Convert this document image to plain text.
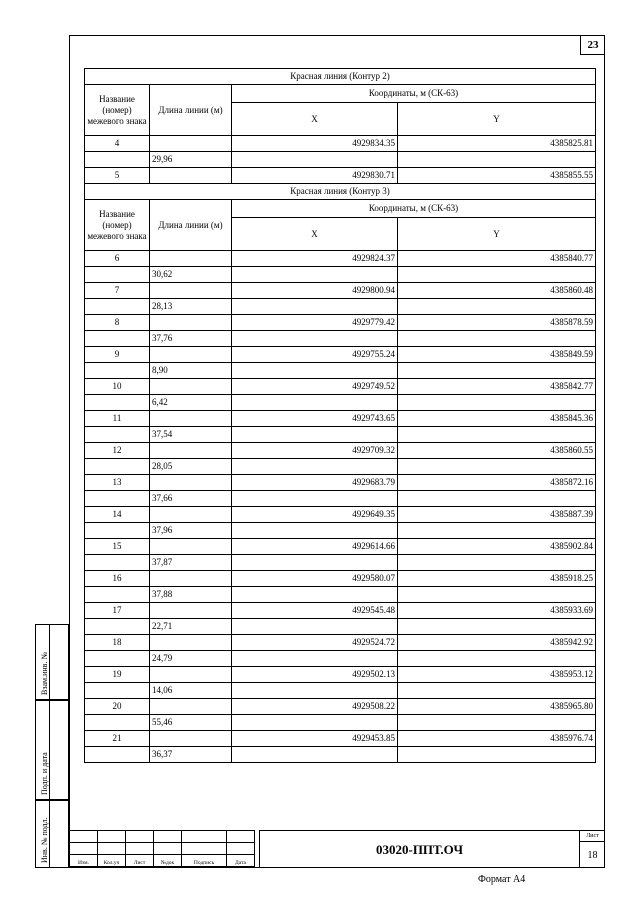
23
Взам.инв. №
Подп. и дата
Инв. № подл.
Красная линия (Контур 2)			
Название (номер) межевого знака	Длина линии (м)	Координаты, м (СК-63)	
		X	Y
4		4929834.35	4385825.81
	29,96		
5		4929830.71	4385855.55
Красная линия (Контур 3)			
Название (номер) межевого знака	Длина линии (м)	Координаты, м (СК-63)	
		X	Y
6		4929824.37	4385840.77
	30,62		
7		4929800.94	4385860.48
	28,13		
8		4929779.42	4385878.59
	37,76		
9		4929755.24	4385849.59
	8,90		
10		4929749.52	4385842.77
	6,42		
11		4929743.65	4385845.36
	37,54		
12		4929709.32	4385860.55
	28,05		
13		4929683.79	4385872.16
	37,66		
14		4929649.35	4385887.39
	37,96		
15		4929614.66	4385902.84
	37,87		
16		4929580.07	4385918.25
	37,88		
17		4929545.48	4385933.69
	22,71		
18		4929524.72	4385942.92
	24,79		
19		4929502.13	4385953.12
	14,06		
20		4929508.22	4385965.80
	55,46		
21		4929453.85	4385976.74
	36,37		

Изм.	Кол.уч	Лист	№док	Подпись	Дата
03020-ППТ.ОЧ
Лист
18
Формат А4
